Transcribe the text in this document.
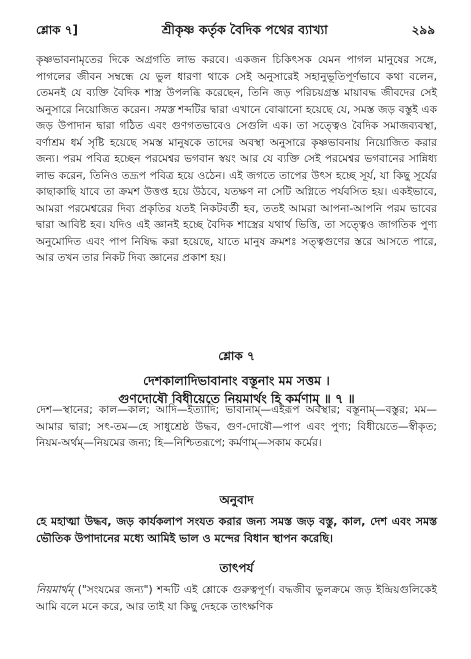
শ্লোক ৭]	শ্রীকৃষ্ণ কর্তৃক বৈদিক পথের ব্যাখ্যা	২৯৯
কৃষ্ণভাবনামৃতের দিকে অগ্রগতি লাভ করবে। একজন চিকিৎসক যেমন পাগল মানুষের সঙ্গে, পাগলের জীবন সম্বন্ধে যে ভুল ধারণা থাকে সেই অনুসারেই সহানুভূতিপূর্ণভাবে কথা বলেন, তেমনই যে ব্যক্তি বৈদিক শাস্ত্র উপলব্ধি করেছেন, তিনি জড় পরিচয়গ্রস্ত মায়াবদ্ধ জীবদের সেই অনুসারে নিয়োজিত করেন। সমস্ত শব্দটির দ্বারা এখানে বোঝানো হয়েছে যে, সমস্ত জড় বস্তুই এক জড় উপাদান দ্বারা গঠিত এবং গুণগতভাবেও সেগুলি এক। তা সত্ত্বেও বৈদিক সমাজব্যবস্থা, বর্ণাশ্রম ধর্ম সৃষ্টি হয়েছে সমস্ত মানুষকে তাদের অবস্থা অনুসারে কৃষ্ণভাবনায় নিয়োজিত করার জন্য। পরম পবিত্র হচ্ছেন পরমেশ্বর ভগবান স্বয়ং আর যে ব্যক্তি সেই পরমেশ্বর ভগবানের সান্নিধ্য লাভ করেন, তিনিও তদ্রূপ পবিত্র হয়ে ওঠেন। এই জগতে তাপের উৎস হচ্ছে সূর্য, যা কিছু সূর্যের কাছাকাছি যাবে তা ক্রমশ উত্তপ্ত হয়ে উঠবে, যতক্ষণ না সেটি অগ্নিতে পর্যবসিত হয়। একইভাবে, আমরা পরমেশ্বরের দিব্য প্রকৃতির যতই নিকটবর্তী হব, ততই আমরা আপনা-আপনি পরম ভাবের দ্বারা আবিষ্ট হব। যদিও এই জ্ঞানই হচ্ছে বৈদিক শাস্ত্রের যথার্থ ভিত্তি, তা সত্ত্বেও জাগতিক পুণ্য অনুমোদিত এবং পাপ নিষিদ্ধ করা হয়েছে, যাতে মানুষ ক্রমশঃ সত্ত্বগুণের স্তরে আসতে পারে, আর তখন তার নিকট দিব্য জ্ঞানের প্রকাশ হয়।
শ্লোক ৭
দেশকালাদিভাবানাং বস্তূনাং মম সত্তম ।
গুণদোষৌ বিধীয়েতে নিয়মার্থং হি কর্মণাম্ ॥ ৭ ॥
দেশ—স্থানের; কাল—কাল; আদি—ইত্যাদি; ভাবানাম্—এইরূপ অবস্থার; বস্তূনাম্—বস্তুর; মম—আমার দ্বারা; সৎ-তম—হে সাধুশ্রেষ্ঠ উদ্ধব, গুণ-দোষৌ—পাপ এবং পুণ্য; বিধীয়েতে—স্বীকৃত; নিয়ম-অর্থম্—নিয়মের জন্য; হি—নিশ্চিতরূপে; কর্মণাম্—সকাম কর্মের।
অনুবাদ

হে মহাত্মা উদ্ধব, জড় কার্যকলাপ সংযত করার জন্য সমস্ত জড় বস্তু, কাল, দেশ এবং সমস্ত ভৌতিক উপাদানের মধ্যে আমিই ভাল ও মন্দের বিধান স্থাপন করেছি।

তাৎপর্য

নিয়মার্থম্ ("সংযমের জন্য") শব্দটি এই শ্লোকে গুরুত্বপূর্ণ। বদ্ধজীব ভুলক্রমে জড় ইন্দ্রিয়গুলিকেই আমি বলে মনে করে, আর তাই যা কিছু দেহকে তাৎক্ষণিক
